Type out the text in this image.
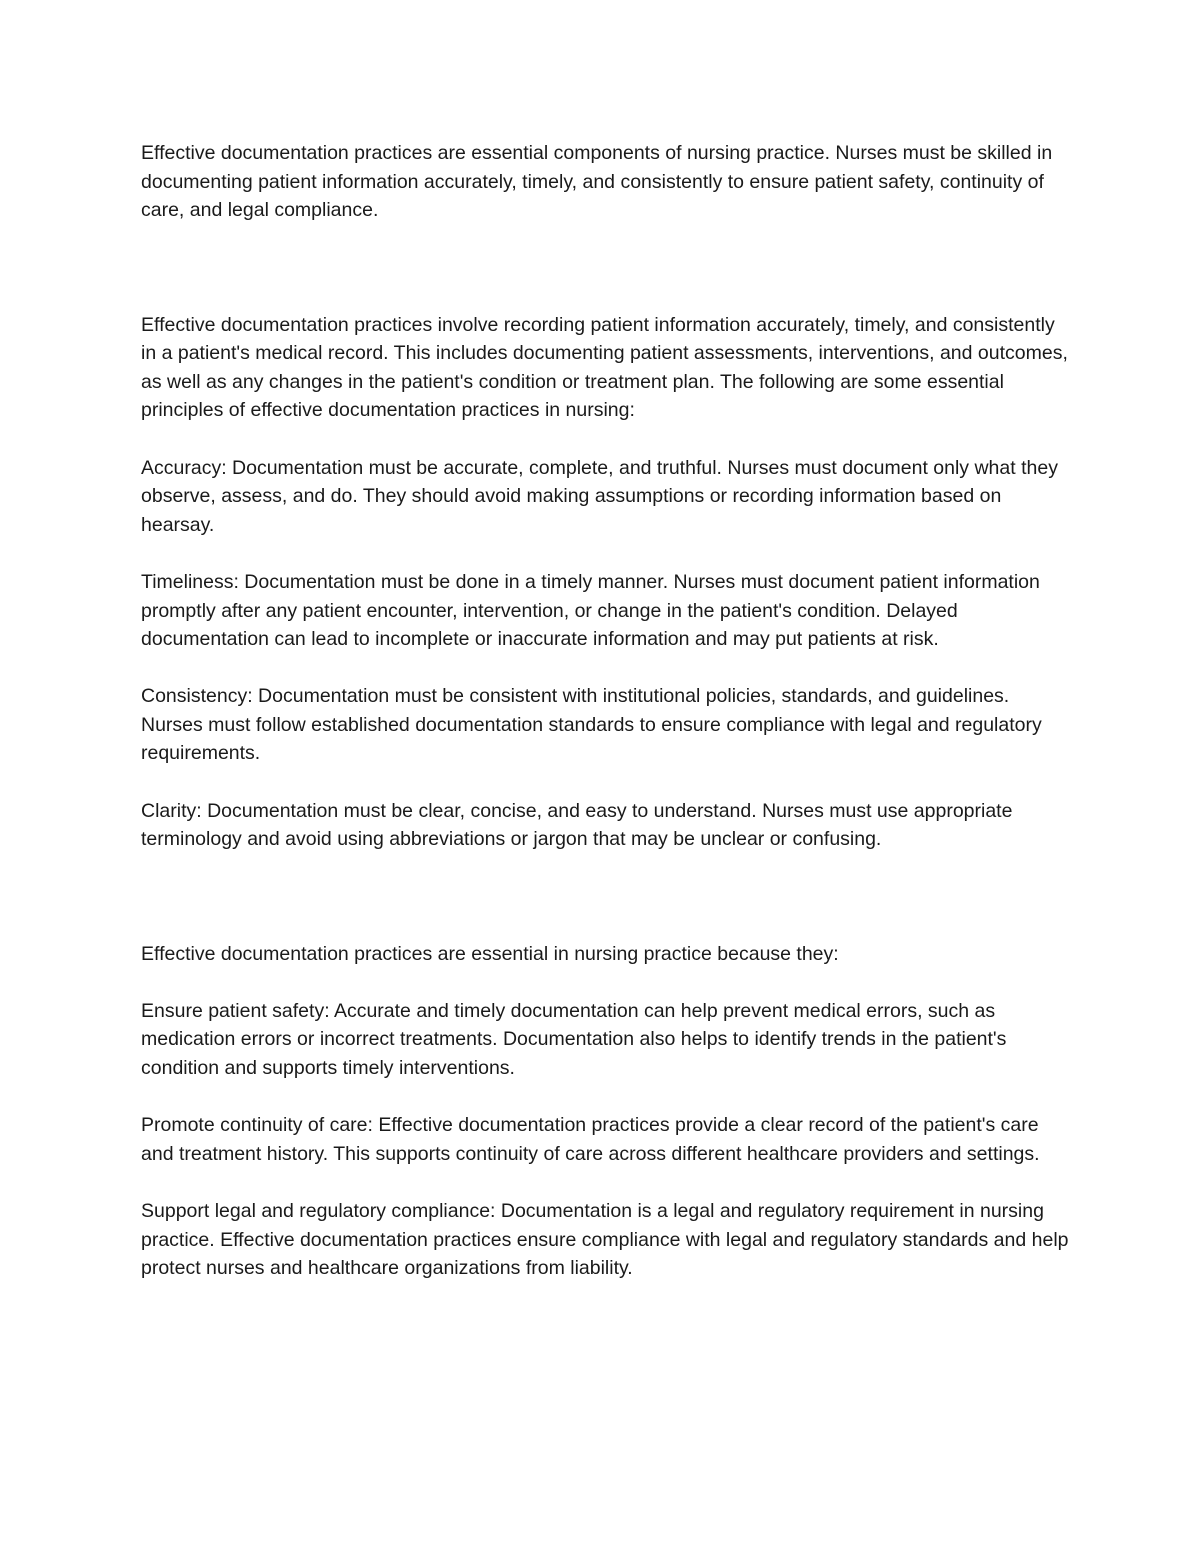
Effective documentation practices are essential components of nursing practice. Nurses must be skilled in documenting patient information accurately, timely, and consistently to ensure patient safety, continuity of care, and legal compliance.

Effective documentation practices involve recording patient information accurately, timely, and consistently in a patient's medical record. This includes documenting patient assessments, interventions, and outcomes, as well as any changes in the patient's condition or treatment plan. The following are some essential principles of effective documentation practices in nursing:

Accuracy: Documentation must be accurate, complete, and truthful. Nurses must document only what they observe, assess, and do. They should avoid making assumptions or recording information based on hearsay.

Timeliness: Documentation must be done in a timely manner. Nurses must document patient information promptly after any patient encounter, intervention, or change in the patient's condition. Delayed documentation can lead to incomplete or inaccurate information and may put patients at risk.

Consistency: Documentation must be consistent with institutional policies, standards, and guidelines. Nurses must follow established documentation standards to ensure compliance with legal and regulatory requirements.

Clarity: Documentation must be clear, concise, and easy to understand. Nurses must use appropriate terminology and avoid using abbreviations or jargon that may be unclear or confusing.

Effective documentation practices are essential in nursing practice because they:

Ensure patient safety: Accurate and timely documentation can help prevent medical errors, such as medication errors or incorrect treatments. Documentation also helps to identify trends in the patient's condition and supports timely interventions.

Promote continuity of care: Effective documentation practices provide a clear record of the patient's care and treatment history. This supports continuity of care across different healthcare providers and settings.

Support legal and regulatory compliance: Documentation is a legal and regulatory requirement in nursing practice. Effective documentation practices ensure compliance with legal and regulatory standards and help protect nurses and healthcare organizations from liability.
